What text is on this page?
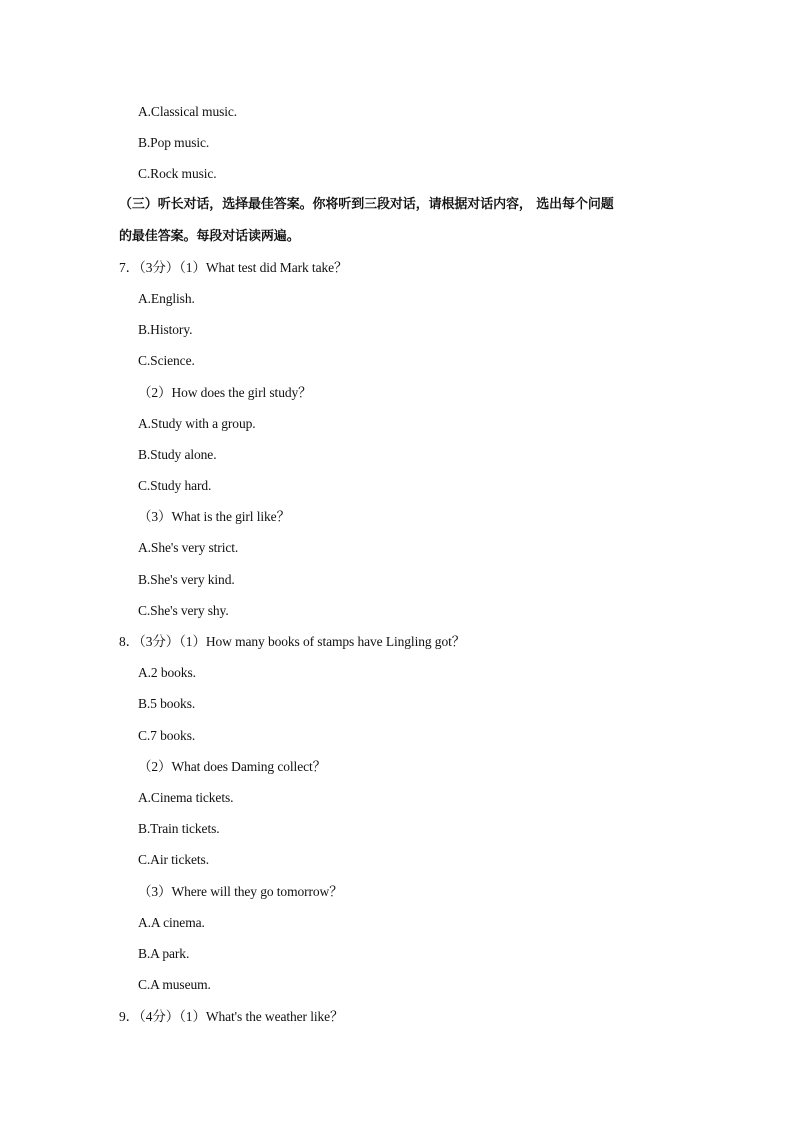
A.Classical music.
B.Pop music.
C.Rock music.
（三）听长对话，选择最佳答案。你将听到三段对话，请根据对话内容， 选出每个问题
的最佳答案。每段对话读两遍。
7．（3分）（1）What test did Mark take？
A.English.
B.History.
C.Science.
（2）How does the girl study？
A.Study with a group.
B.Study alone.
C.Study hard.
（3）What is the girl like？
A.She's very strict.
B.She's very kind.
C.She's very shy.
8．（3分）（1）How many books of stamps have Lingling got？
A.2 books.
B.5 books.
C.7 books.
（2）What does Daming collect？
A.Cinema tickets.
B.Train tickets.
C.Air tickets.
（3）Where will they go tomorrow？
A.A cinema.
B.A park.
C.A museum.
9．（4分）（1）What's the weather like？
